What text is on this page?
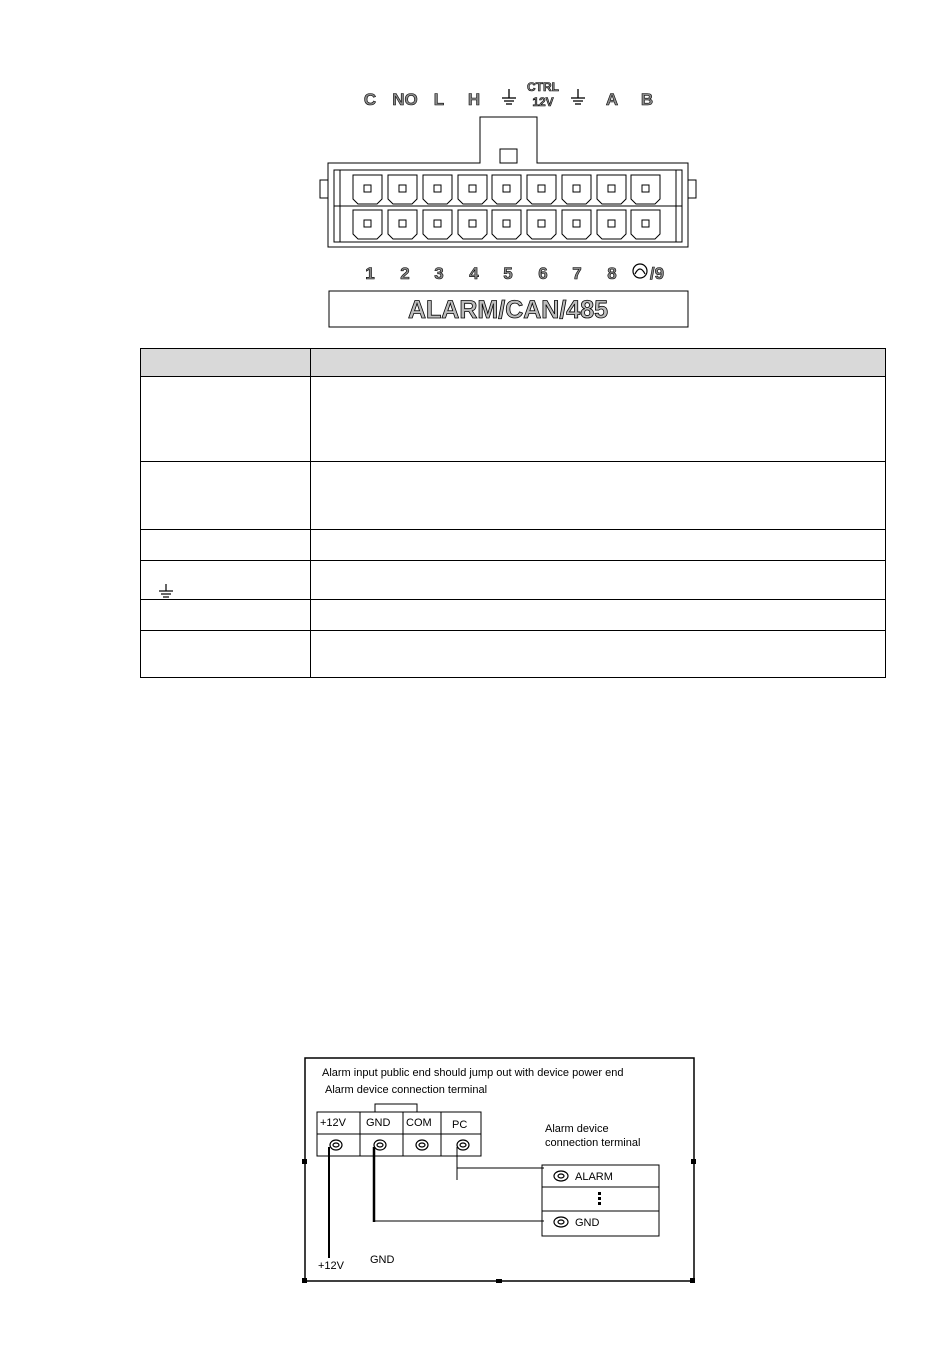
C NO L H
CTRL
12V	A B
1 2 3 4 5 6 7 8 /9
ALARM/CAN/485

Alarm input public end should jump out with device power end
Alarm device connection terminal
+12V GND COM PC	Alarm device
connection terminal
ALARM
GND
+12V GND
